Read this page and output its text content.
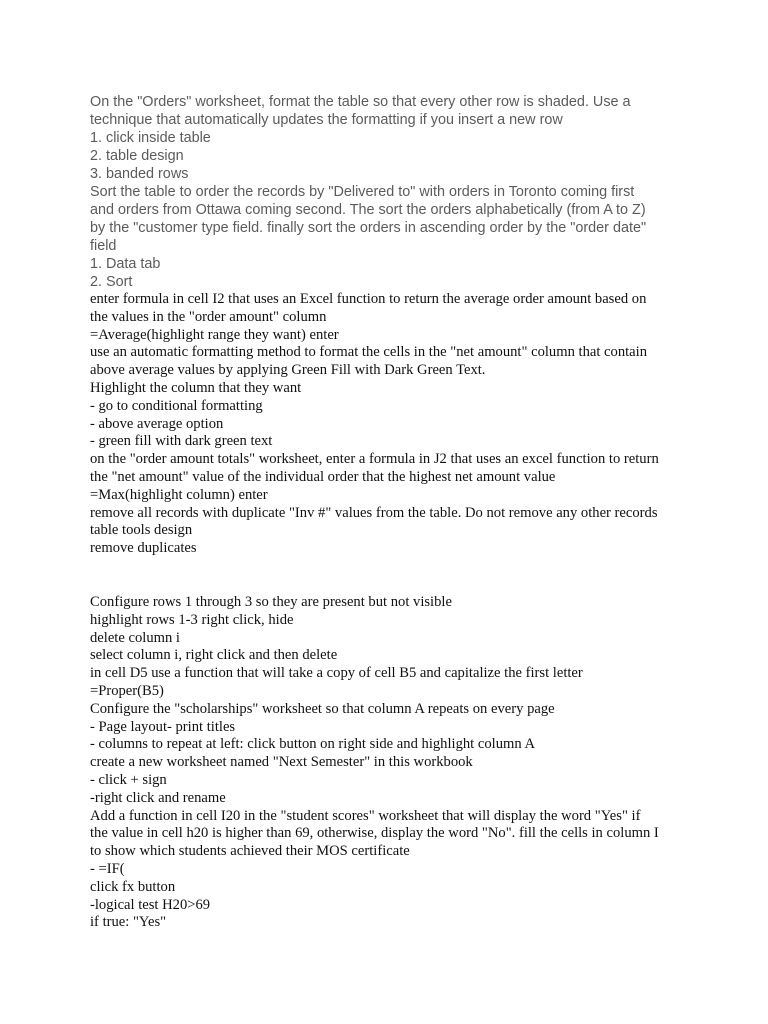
On the "Orders" worksheet, format the table so that every other row is shaded. Use a
technique that automatically updates the formatting if you insert a new row
1. click inside table
2. table design
3. banded rows
Sort the table to order the records by "Delivered to" with orders in Toronto coming first
and orders from Ottawa coming second. The sort the orders alphabetically (from A to Z)
by the "customer type field. finally sort the orders in ascending order by the "order date"
field
1. Data tab
2. Sort
enter formula in cell I2 that uses an Excel function to return the average order amount based on
the values in the "order amount" column
=Average(highlight range they want) enter
use an automatic formatting method to format the cells in the "net amount" column that contain
above average values by applying Green Fill with Dark Green Text.
Highlight the column that they want
- go to conditional formatting
- above average option
- green fill with dark green text
on the "order amount totals" worksheet, enter a formula in J2 that uses an excel function to return
the "net amount" value of the individual order that the highest net amount value
=Max(highlight column) enter
remove all records with duplicate "Inv #" values from the table. Do not remove any other records
table tools design
remove duplicates
Configure rows 1 through 3 so they are present but not visible
highlight rows 1-3 right click, hide
delete column i
select column i, right click and then delete
in cell D5 use a function that will take a copy of cell B5 and capitalize the first letter
=Proper(B5)
Configure the "scholarships" worksheet so that column A repeats on every page
- Page layout- print titles
- columns to repeat at left: click button on right side and highlight column A
create a new worksheet named "Next Semester" in this workbook
- click + sign
-right click and rename
Add a function in cell I20 in the "student scores" worksheet that will display the word "Yes" if
the value in cell h20 is higher than 69, otherwise, display the word "No". fill the cells in column I
to show which students achieved their MOS certificate
- =IF(
click fx button
-logical test H20>69
if true: "Yes"
